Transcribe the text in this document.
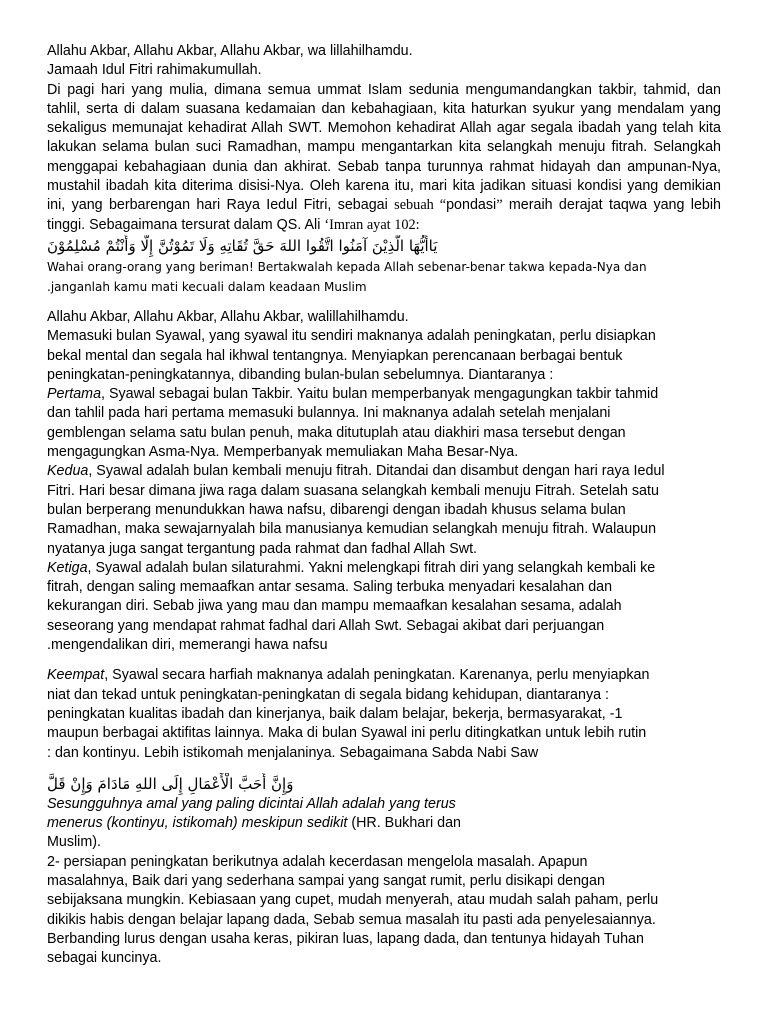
Allahu Akbar, Allahu Akbar, Allahu Akbar, wa lillahilhamdu.

Jamaah Idul Fitri rahimakumullah.

Di pagi hari yang mulia, dimana semua ummat Islam sedunia mengumandangkan takbir, tahmid, dan tahlil, serta di dalam suasana kedamaian dan kebahagiaan, kita haturkan syukur yang mendalam yang sekaligus memunajat kehadirat Allah SWT. Memohon kehadirat Allah agar segala ibadah yang telah kita lakukan selama bulan suci Ramadhan, mampu mengantarkan kita selangkah menuju fitrah. Selangkah menggapai kebahagiaan dunia dan akhirat. Sebab tanpa turunnya rahmat hidayah dan ampunan-Nya, mustahil ibadah kita diterima disisi-Nya. Oleh karena itu, mari kita jadikan situasi kondisi yang demikian ini, yang berbarengan hari Raya Iedul Fitri, sebagai sebuah “pondasi” meraih derajat taqwa yang lebih tinggi. Sebagaimana tersurat dalam QS. Ali ‘Imran ayat 102:

يَاأَيُّهَا الَّذِيْنَ آمَنُوا اتَّقُوا اللهَ حَقَّ تُقَاتِهِ وَلَا تَمُوْتُنَّ إِلَّا وَأَنْتُمْ مُسْلِمُوْنَ

Wahai orang-orang yang beriman! Bertakwalah kepada Allah sebenar-benar takwa kepada-Nya dan

.janganlah kamu mati kecuali dalam keadaan Muslim

Allahu Akbar, Allahu Akbar, Allahu Akbar, walillahilhamdu.

Memasuki bulan Syawal, yang syawal itu sendiri maknanya adalah peningkatan, perlu disiapkan

bekal mental dan segala hal ikhwal tentangnya. Menyiapkan perencanaan berbagai bentuk

peningkatan-peningkatannya, dibanding bulan-bulan sebelumnya. Diantaranya :

Pertama, Syawal sebagai bulan Takbir. Yaitu bulan memperbanyak mengagungkan takbir tahmid

dan tahlil pada hari pertama memasuki bulannya. Ini maknanya adalah setelah menjalani

gemblengan selama satu bulan penuh, maka ditutuplah atau diakhiri masa tersebut dengan

mengagungkan Asma-Nya. Memperbanyak memuliakan Maha Besar-Nya.

Kedua, Syawal adalah bulan kembali menuju fitrah. Ditandai dan disambut dengan hari raya Iedul

Fitri. Hari besar dimana jiwa raga dalam suasana selangkah kembali menuju Fitrah. Setelah satu

bulan berperang menundukkan hawa nafsu, dibarengi dengan ibadah khusus selama bulan

Ramadhan, maka sewajarnyalah bila manusianya kemudian selangkah menuju fitrah. Walaupun

nyatanya juga sangat tergantung pada rahmat dan fadhal Allah Swt.

Ketiga, Syawal adalah bulan silaturahmi. Yakni melengkapi fitrah diri yang selangkah kembali ke

fitrah, dengan saling memaafkan antar sesama. Saling terbuka menyadari kesalahan dan

kekurangan diri. Sebab jiwa yang mau dan mampu memaafkan kesalahan sesama, adalah

seseorang yang mendapat rahmat fadhal dari Allah Swt. Sebagai akibat dari perjuangan

.mengendalikan diri, memerangi hawa nafsu

Keempat, Syawal secara harfiah maknanya adalah peningkatan. Karenanya, perlu menyiapkan

niat dan tekad untuk peningkatan-peningkatan di segala bidang kehidupan, diantaranya :

peningkatan kualitas ibadah dan kinerjanya, baik dalam belajar, bekerja, bermasyarakat, -1

maupun berbagai aktifitas lainnya. Maka di bulan Syawal ini perlu ditingkatkan untuk lebih rutin

: dan kontinyu. Lebih istikomah menjalaninya. Sebagaimana Sabda Nabi Saw

وَإِنَّ أَحَبَّ الْأَعْمَالِ إِلَى اللهِ مَادَامَ وَإِنْ قَلَّ

Sesungguhnya amal yang paling dicintai Allah adalah yang terus

menerus (kontinyu, istikomah) meskipun sedikit (HR. Bukhari dan

Muslim).

2- persiapan peningkatan berikutnya adalah kecerdasan mengelola masalah. Apapun

masalahnya, Baik dari yang sederhana sampai yang sangat rumit, perlu disikapi dengan

sebijaksana mungkin. Kebiasaan yang cupet, mudah menyerah, atau mudah salah paham, perlu

dikikis habis dengan belajar lapang dada, Sebab semua masalah itu pasti ada penyelesaiannya.

Berbanding lurus dengan usaha keras, pikiran luas, lapang dada, dan tentunya hidayah Tuhan

sebagai kuncinya.
